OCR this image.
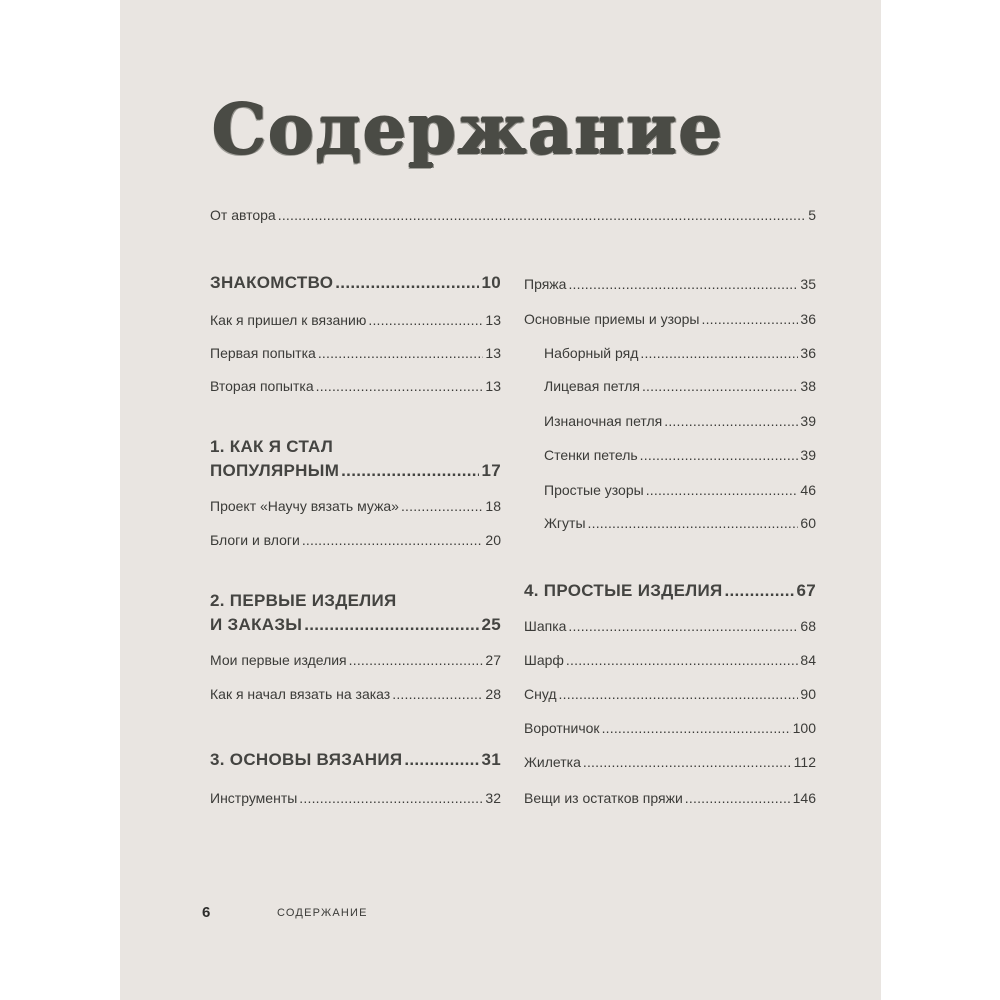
Содержание
От автора .....	5
ЗНАКОМСТВО .....	10
Как я пришел к вязанию .....	13
Первая попытка .....	13
Вторая попытка .....	13
1. КАК Я СТАЛ
ПОПУЛЯРНЫМ .....	17
Проект «Научу вязать мужа» .....	18
Блоги и влоги .....	20
2. ПЕРВЫЕ ИЗДЕЛИЯ
И ЗАКАЗЫ .....	25
Мои первые изделия .....	27
Как я начал вязать на заказ .....	28
3. ОСНОВЫ ВЯЗАНИЯ .....	31
Инструменты .....	32
Пряжа .....	35
Основные приемы и узоры .....	36
Наборный ряд .....	36
Лицевая петля .....	38
Изнаночная петля .....	39
Стенки петель .....	39
Простые узоры .....	46
Жгуты .....	60
4. ПРОСТЫЕ ИЗДЕЛИЯ .....	67
Шапка .....	68
Шарф .....	84
Снуд .....	90
Воротничок .....	100
Жилетка .....	112
Вещи из остатков пряжи .....	146
6	СОДЕРЖАНИЕ
